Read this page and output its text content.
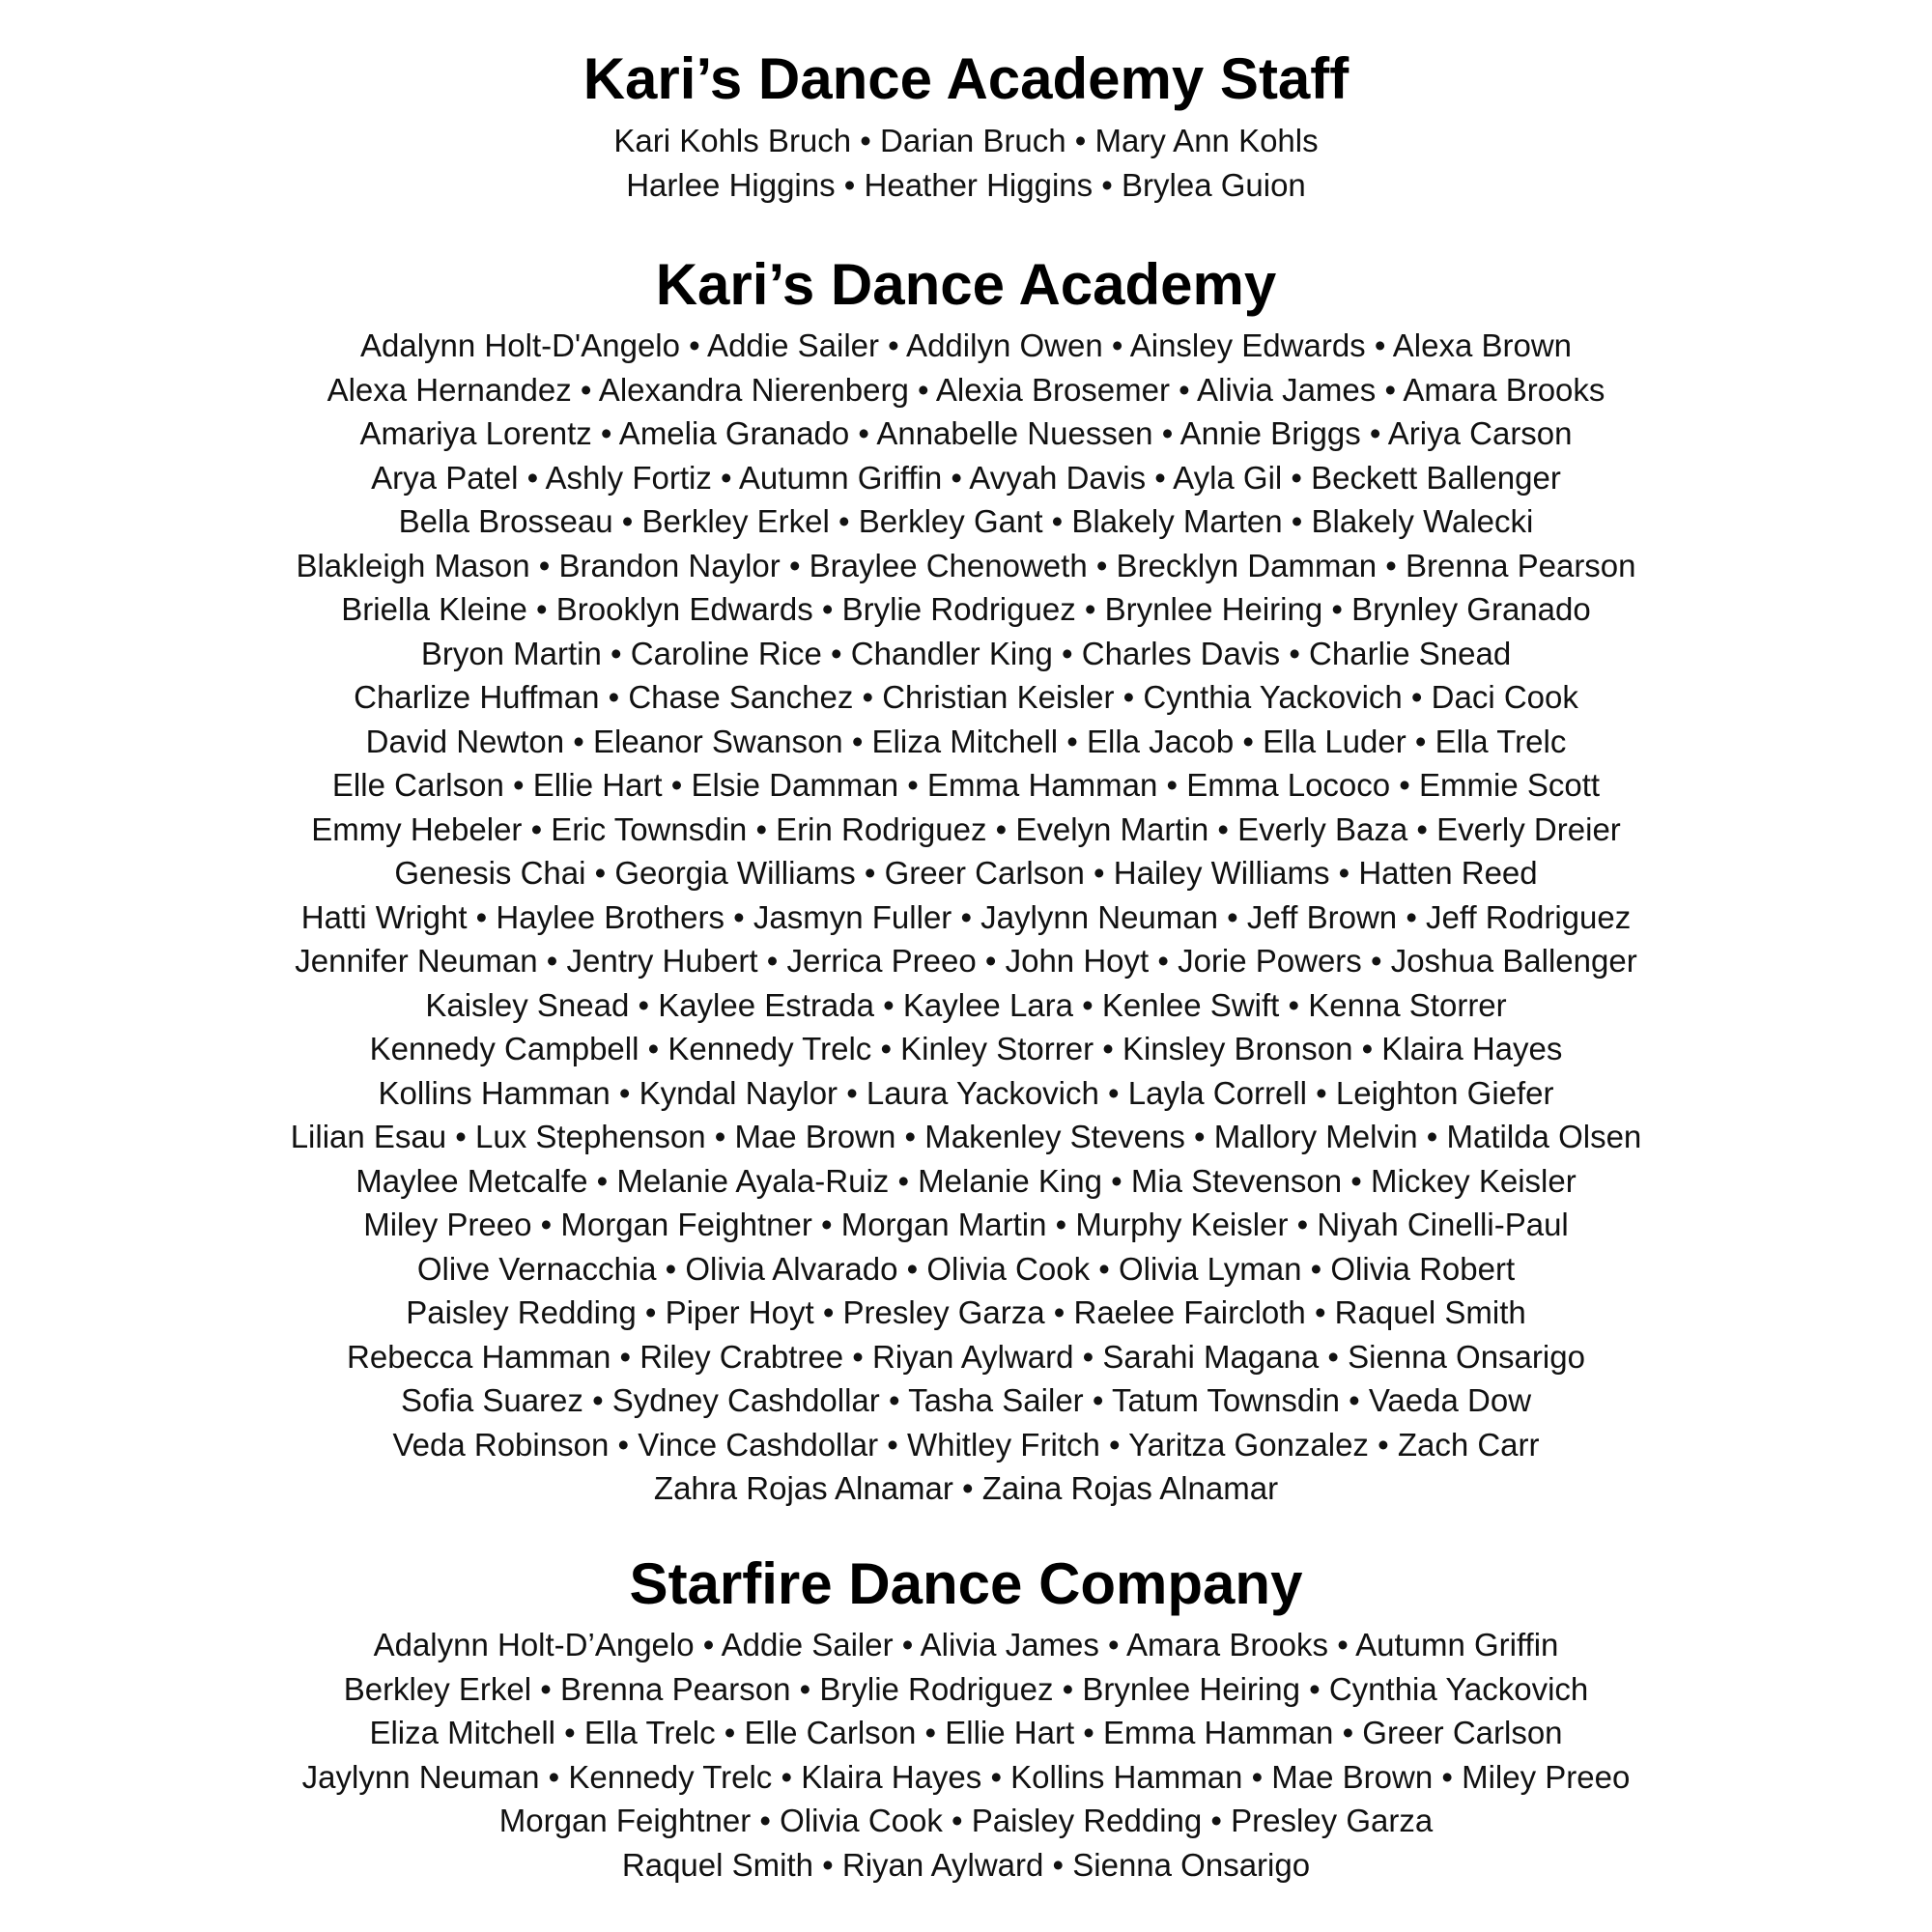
Kari’s Dance Academy Staff
Kari Kohls Bruch • Darian Bruch • Mary Ann Kohls
Harlee Higgins • Heather Higgins • Brylea Guion
Kari’s Dance Academy
Adalynn Holt-D'Angelo • Addie Sailer • Addilyn Owen • Ainsley Edwards • Alexa Brown
Alexa Hernandez • Alexandra Nierenberg • Alexia Brosemer • Alivia James • Amara Brooks
Amariya Lorentz • Amelia Granado • Annabelle Nuessen • Annie Briggs • Ariya Carson
Arya Patel • Ashly Fortiz • Autumn Griffin • Avyah Davis • Ayla Gil • Beckett Ballenger
Bella Brosseau • Berkley Erkel • Berkley Gant • Blakely Marten • Blakely Walecki
Blakleigh Mason • Brandon Naylor • Braylee Chenoweth • Brecklyn Damman • Brenna Pearson
Briella Kleine • Brooklyn Edwards • Brylie Rodriguez • Brynlee Heiring • Brynley Granado
Bryon Martin • Caroline Rice • Chandler King • Charles Davis • Charlie Snead
Charlize Huffman • Chase Sanchez • Christian Keisler • Cynthia Yackovich • Daci Cook
David Newton • Eleanor Swanson • Eliza Mitchell • Ella Jacob • Ella Luder • Ella Trelc
Elle Carlson • Ellie Hart • Elsie Damman • Emma Hamman • Emma Lococo • Emmie Scott
Emmy Hebeler • Eric Townsdin • Erin Rodriguez • Evelyn Martin • Everly Baza • Everly Dreier
Genesis Chai • Georgia Williams • Greer Carlson • Hailey Williams • Hatten Reed
Hatti Wright • Haylee Brothers • Jasmyn Fuller • Jaylynn Neuman • Jeff Brown • Jeff Rodriguez
Jennifer Neuman • Jentry Hubert • Jerrica Preeo • John Hoyt • Jorie Powers • Joshua Ballenger
Kaisley Snead • Kaylee Estrada • Kaylee Lara • Kenlee Swift • Kenna Storrer
Kennedy Campbell • Kennedy Trelc • Kinley Storrer • Kinsley Bronson • Klaira Hayes
Kollins Hamman • Kyndal Naylor • Laura Yackovich • Layla Correll • Leighton Giefer
Lilian Esau • Lux Stephenson • Mae Brown • Makenley Stevens • Mallory Melvin • Matilda Olsen
Maylee Metcalfe • Melanie Ayala-Ruiz • Melanie King • Mia Stevenson • Mickey Keisler
Miley Preeo • Morgan Feightner • Morgan Martin • Murphy Keisler • Niyah Cinelli-Paul
Olive Vernacchia • Olivia Alvarado • Olivia Cook • Olivia Lyman • Olivia Robert
Paisley Redding • Piper Hoyt • Presley Garza • Raelee Faircloth • Raquel Smith
Rebecca Hamman • Riley Crabtree • Riyan Aylward • Sarahi Magana • Sienna Onsarigo
Sofia Suarez • Sydney Cashdollar • Tasha Sailer • Tatum Townsdin • Vaeda Dow
Veda Robinson • Vince Cashdollar • Whitley Fritch • Yaritza Gonzalez • Zach Carr
Zahra Rojas Alnamar • Zaina Rojas Alnamar
Starfire Dance Company
Adalynn Holt-D’Angelo • Addie Sailer • Alivia James • Amara Brooks • Autumn Griffin
Berkley Erkel • Brenna Pearson • Brylie Rodriguez • Brynlee Heiring • Cynthia Yackovich
Eliza Mitchell • Ella Trelc • Elle Carlson • Ellie Hart • Emma Hamman • Greer Carlson
Jaylynn Neuman • Kennedy Trelc • Klaira Hayes • Kollins Hamman • Mae Brown • Miley Preeo
Morgan Feightner • Olivia Cook • Paisley Redding • Presley Garza
Raquel Smith • Riyan Aylward • Sienna Onsarigo
